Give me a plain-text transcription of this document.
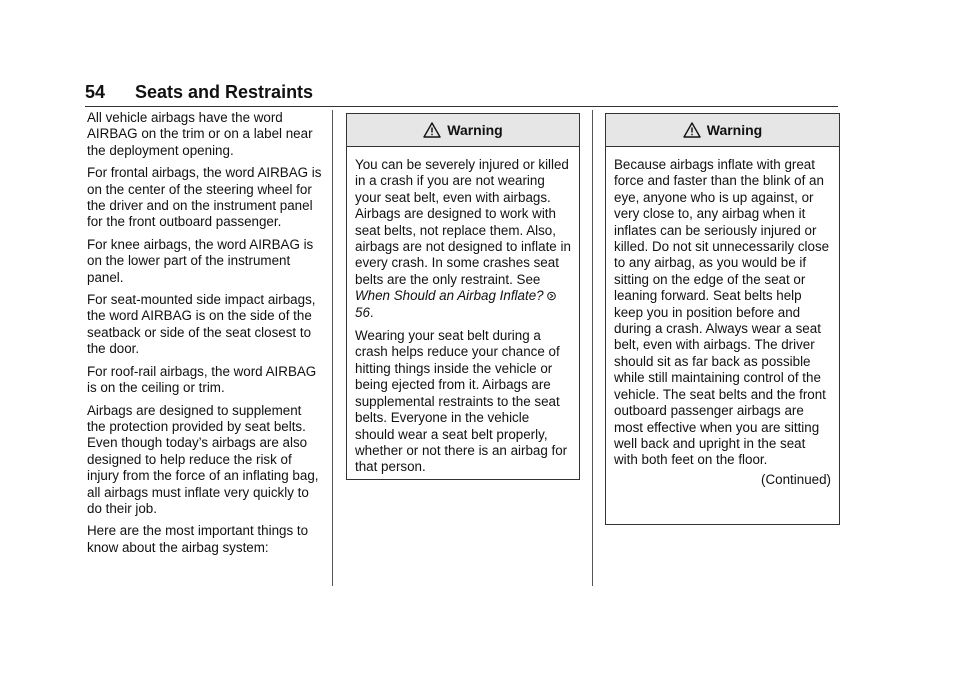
54 Seats and Restraints

All vehicle airbags have the word AIRBAG on the trim or on a label near the deployment opening.

For frontal airbags, the word AIRBAG is on the center of the steering wheel for the driver and on the instrument panel for the front outboard passenger.

For knee airbags, the word AIRBAG is on the lower part of the instrument panel.

For seat-mounted side impact airbags, the word AIRBAG is on the side of the seatback or side of the seat closest to the door.

For roof-rail airbags, the word AIRBAG is on the ceiling or trim.

Airbags are designed to supplement the protection provided by seat belts. Even though today’s airbags are also designed to help reduce the risk of injury from the force of an inflating bag, all airbags must inflate very quickly to do their job.

Here are the most important things to know about the airbag system:

Warning

You can be severely injured or killed in a crash if you are not wearing your seat belt, even with airbags. Airbags are designed to work with seat belts, not replace them. Also, airbags are not designed to inflate in every crash. In some crashes seat belts are the only restraint. See When Should an Airbag Inflate? 56.

Wearing your seat belt during a crash helps reduce your chance of hitting things inside the vehicle or being ejected from it. Airbags are supplemental restraints to the seat belts. Everyone in the vehicle should wear a seat belt properly, whether or not there is an airbag for that person.

Warning

Because airbags inflate with great force and faster than the blink of an eye, anyone who is up against, or very close to, any airbag when it inflates can be seriously injured or killed. Do not sit unnecessarily close to any airbag, as you would be if sitting on the edge of the seat or leaning forward. Seat belts help keep you in position before and during a crash. Always wear a seat belt, even with airbags. The driver should sit as far back as possible while still maintaining control of the vehicle. The seat belts and the front outboard passenger airbags are most effective when you are sitting well back and upright in the seat with both feet on the floor.

(Continued)
